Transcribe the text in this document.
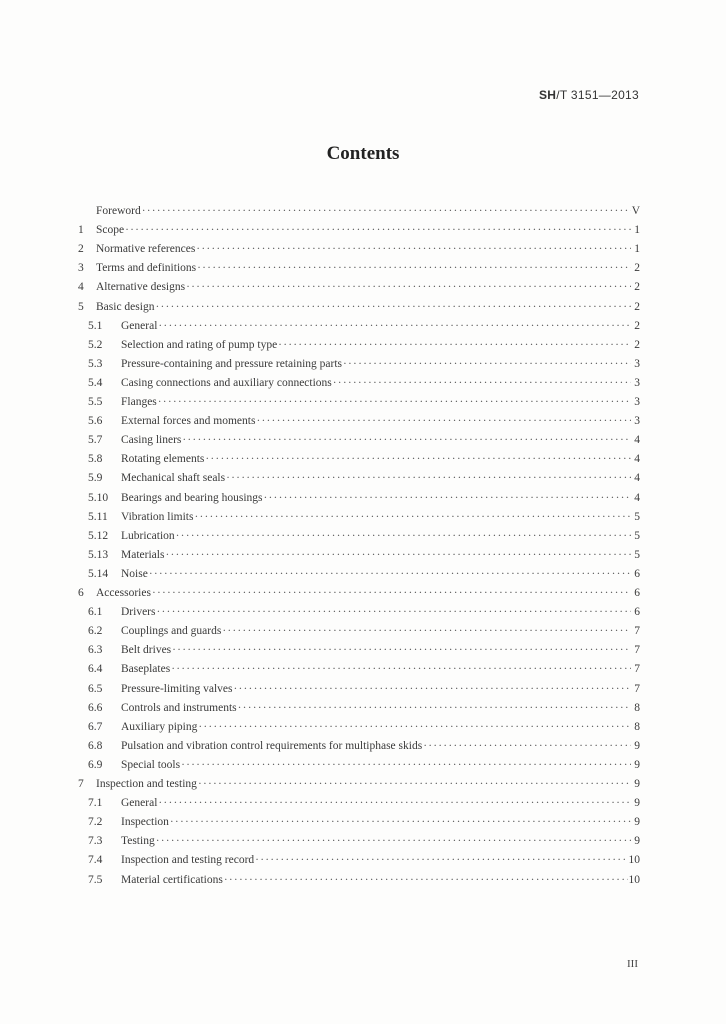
SH/T 3151—2013
Contents
Foreword ·····	V
1	Scope ·····	1
2	Normative references ·····	1
3	Terms and definitions ·····	2
4	Alternative designs ·····	2
5	Basic design ·····	2
5.1	General ·····	2
5.2	Selection and rating of pump type ·····	2
5.3	Pressure-containing and pressure retaining parts ·····	3
5.4	Casing connections and auxiliary connections ·····	3
5.5	Flanges ·····	3
5.6	External forces and moments ·····	3
5.7	Casing liners ·····	4
5.8	Rotating elements ·····	4
5.9	Mechanical shaft seals ·····	4
5.10	Bearings and bearing housings ·····	4
5.11	Vibration limits ·····	5
5.12	Lubrication ·····	5
5.13	Materials ·····	5
5.14	Noise ·····	6
6	Accessories ·····	6
6.1	Drivers ·····	6
6.2	Couplings and guards ·····	7
6.3	Belt drives ·····	7
6.4	Baseplates ·····	7
6.5	Pressure-limiting valves ·····	7
6.6	Controls and instruments ·····	8
6.7	Auxiliary piping ·····	8
6.8	Pulsation and vibration control requirements for multiphase skids ·····	9
6.9	Special tools ·····	9
7	Inspection and testing ·····	9
7.1	General ·····	9
7.2	Inspection ·····	9
7.3	Testing ·····	9
7.4	Inspection and testing record ·····	10
7.5	Material certifications ·····	10
III
